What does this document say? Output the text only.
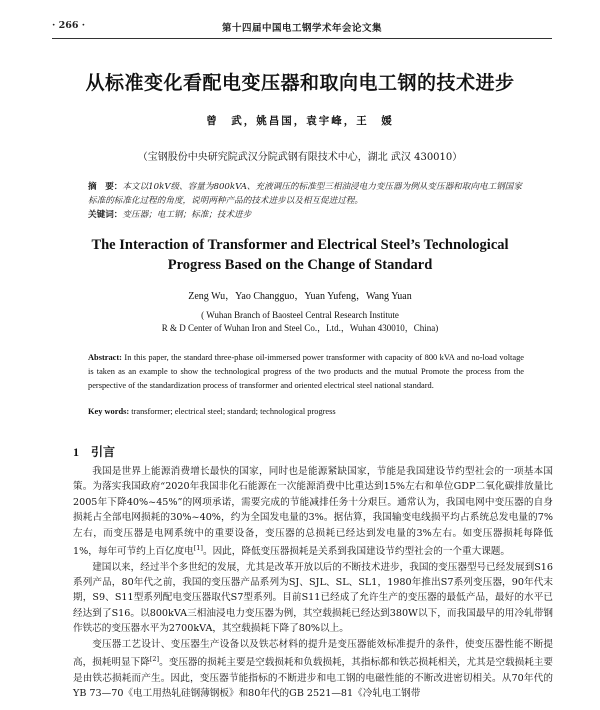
· 266 ·	第十四届中国电工钢学术年会论文集
从标准变化看配电变压器和取向电工钢的技术进步
曾　武，姚昌国，袁宇峰，王　媛
（宝钢股份中央研究院武汉分院武钢有限技术中心，湖北 武汉 430010）
摘　要：本文以10kV级、容量为800kVA、充液调压的标准型三相油浸电力变压器为例从变压器和取向电工钢国家标准的标准化过程的角度，说明两种产品的技术进步以及相互促进过程。
关键词：变压器；电工钢；标准；技术进步
The Interaction of Transformer and Electrical Steel’s Technological
Progress Based on the Change of Standard
Zeng Wu，Yao Changguo，Yuan Yufeng，Wang Yuan
( Wuhan Branch of Baosteel Central Research Institute
R & D Center of Wuhan Iron and Steel Co.，Ltd.，Wuhan 430010，China)
Abstract: In this paper, the standard three-phase oil-immersed power transformer with capacity of 800 kVA and no-load voltage is taken as an example to show the technological progress of the two products and the mutual Promote the process from the perspective of the standardization process of transformer and oriented electrical steel national standard.
Key words: transformer; electrical steel; standard; technological progress
1 引言

我国是世界上能源消费增长最快的国家，同时也是能源紧缺国家，节能是我国建设节约型社会的一项基本国策。为落实我国政府“2020年我国非化石能源在一次能源消费中比重达到15%左右和单位GDP二氧化碳排放量比2005年下降40%~45%”的网项承诺，需要完成的节能减排任务十分艰巨。通常认为，我国电网中变压器的自身损耗占全部电网损耗的30%~40%，约为全国发电量的3%。据估算，我国输变电线损平均占系统总发电量的7%左右，而变压器是电网系统中的重要设备，变压器的总损耗已经达到发电量的3%左右。如变压器损耗每降低1%，每年可节约上百亿度电[1]。因此，降低变压器损耗是关系到我国建设节约型社会的一个重大课题。

建国以来，经过半个多世纪的发展，尤其是改革开放以后的不断技术进步，我国的变压器型号已经发展到S16系列产品，80年代之前，我国的变压器产品系列为SJ、SJL、SL、SL1，1980年推出S7系列变压器，90年代末期，S9、S11型系列配电变压器取代S7型系列。目前S11已经成了允许生产的变压器的最低产品，最好的水平已经达到了S16。以800kVA三相油浸电力变压器为例，其空载损耗已经达到380W以下，而我国最早的用冷轧带钢作铁芯的变压器水平为2700kVA，其空载损耗下降了80%以上。

变压器工艺设计、变压器生产设备以及铁芯材料的提升是变压器能效标准提升的条件，使变压器性能不断提高，损耗明显下降[2]。变压器的损耗主要是空载损耗和负载损耗，其指标都和铁芯损耗相关，尤其是空载损耗主要是由铁芯损耗而产生。因此，变压器节能指标的不断进步和电工钢的电磁性能的不断改进密切相关。从70年代的YB 73—70《电工用热轧硅钢薄钢板》和80年代的GB 2521—81《冷轧电工钢带
